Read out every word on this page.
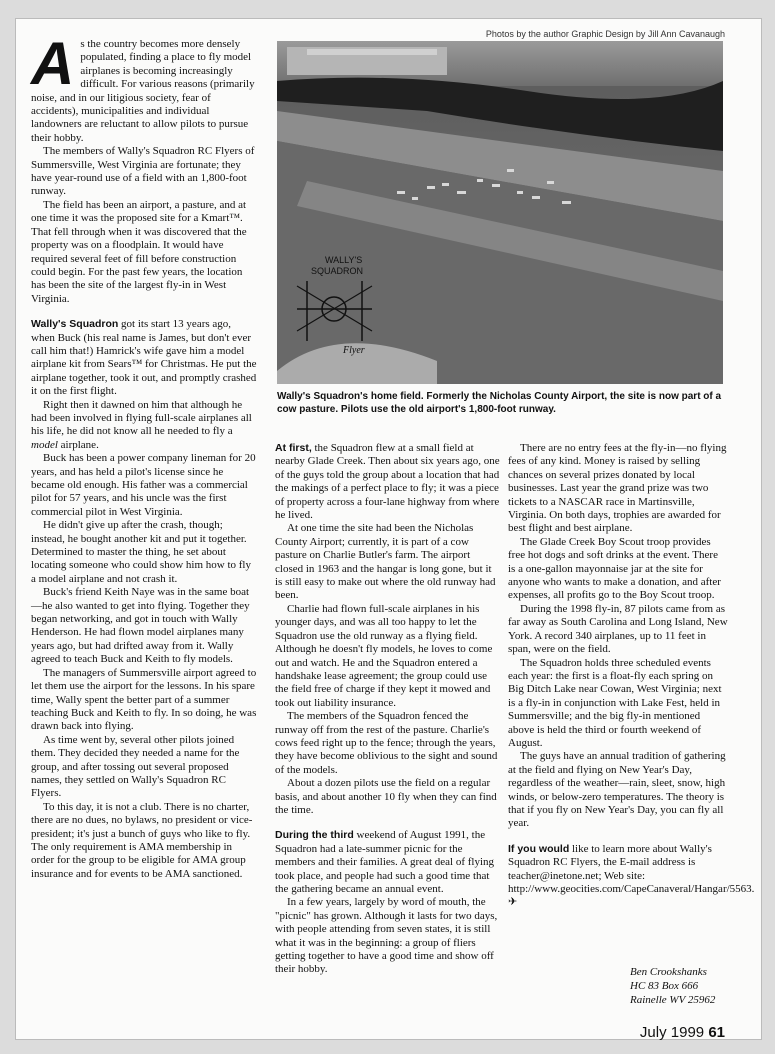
Photos by the author Graphic Design by Jill Ann Cavanaugh

As the country becomes more densely populated, finding a place to fly model airplanes is becoming increasingly difficult. For various reasons (primarily noise, and in our litigious society, fear of accidents), municipalities and individual landowners are reluctant to allow pilots to pursue their hobby.

The members of Wally's Squadron RC Flyers of Summersville, West Virginia are fortunate; they have year-round use of a field with an 1,800-foot runway.

The field has been an airport, a pasture, and at one time it was the proposed site for a Kmart™. That fell through when it was discovered that the property was on a floodplain. It would have required several feet of fill before construction could begin. For the past few years, the location has been the site of the largest fly-in in West Virginia.

Wally's Squadron got its start 13 years ago, when Buck (his real name is James, but don't ever call him that!) Hamrick's wife gave him a model airplane kit from Sears™ for Christmas. He put the airplane together, took it out, and promptly crashed it on the first flight.

Right then it dawned on him that although he had been involved in flying full-scale airplanes all his life, he did not know all he needed to fly a model airplane.

Buck has been a power company lineman for 20 years, and has held a pilot's license since he became old enough. His father was a commercial pilot for 57 years, and his uncle was the first commercial pilot in West Virginia.

He didn't give up after the crash, though; instead, he bought another kit and put it together. Determined to master the thing, he set about locating someone who could show him how to fly a model airplane and not crash it.

Buck's friend Keith Naye was in the same boat—he also wanted to get into flying. Together they began networking, and got in touch with Wally Henderson. He had flown model airplanes many years ago, but had drifted away from it. Wally agreed to teach Buck and Keith to fly models.

The managers of Summersville airport agreed to let them use the airport for the lessons. In his spare time, Wally spent the better part of a summer teaching Buck and Keith to fly. In so doing, he was drawn back into flying.

As time went by, several other pilots joined them. They decided they needed a name for the group, and after tossing out several proposed names, they settled on Wally's Squadron RC Flyers.

To this day, it is not a club. There is no charter, there are no dues, no bylaws, no president or vice-president; it's just a bunch of guys who like to fly. The only requirement is AMA membership in order for the group to be eligible for AMA group insurance and for events to be AMA sanctioned.

WALLY'S
SQUADRON
Flyer
Wally's Squadron's home field. Formerly the Nicholas County Airport, the site is now part of a cow pasture. Pilots use the old airport's 1,800-foot runway.

At first, the Squadron flew at a small field at nearby Glade Creek. Then about six years ago, one of the guys told the group about a location that had the makings of a perfect place to fly; it was a piece of property across a four-lane highway from where he lived.

At one time the site had been the Nicholas County Airport; currently, it is part of a cow pasture on Charlie Butler's farm. The airport closed in 1963 and the hangar is long gone, but it is still easy to make out where the old runway had been.

Charlie had flown full-scale airplanes in his younger days, and was all too happy to let the Squadron use the old runway as a flying field. Although he doesn't fly models, he loves to come out and watch. He and the Squadron entered a handshake lease agreement; the group could use the field free of charge if they kept it mowed and took out liability insurance.

The members of the Squadron fenced the runway off from the rest of the pasture. Charlie's cows feed right up to the fence; through the years, they have become oblivious to the sight and sound of the models.

About a dozen pilots use the field on a regular basis, and about another 10 fly when they can find the time.

During the third weekend of August 1991, the Squadron had a late-summer picnic for the members and their families. A great deal of flying took place, and people had such a good time that the gathering became an annual event.

In a few years, largely by word of mouth, the "picnic" has grown. Although it lasts for two days, with people attending from seven states, it is still what it was in the beginning: a group of fliers getting together to have a good time and show off their hobby.

There are no entry fees at the fly-in—no flying fees of any kind. Money is raised by selling chances on several prizes donated by local businesses. Last year the grand prize was two tickets to a NASCAR race in Martinsville, Virginia. On both days, trophies are awarded for best flight and best airplane.

The Glade Creek Boy Scout troop provides free hot dogs and soft drinks at the event. There is a one-gallon mayonnaise jar at the site for anyone who wants to make a donation, and after expenses, all profits go to the Boy Scout troop.

During the 1998 fly-in, 87 pilots came from as far away as South Carolina and Long Island, New York. A record 340 airplanes, up to 11 feet in span, were on the field.

The Squadron holds three scheduled events each year: the first is a float-fly each spring on Big Ditch Lake near Cowan, West Virginia; next is a fly-in in conjunction with Lake Fest, held in Summersville; and the big fly-in mentioned above is held the third or fourth weekend of August.

The guys have an annual tradition of gathering at the field and flying on New Year's Day, regardless of the weather—rain, sleet, snow, high winds, or below-zero temperatures. The theory is that if you fly on New Year's Day, you can fly all year.

If you would like to learn more about Wally's Squadron RC Flyers, the E-mail address is teacher@inetone.net; Web site: http://www.geocities.com/CapeCanaveral/Hangar/5563. ✈

Ben Crookshanks
HC 83 Box 666
Rainelle WV 25962
July 1999 61
